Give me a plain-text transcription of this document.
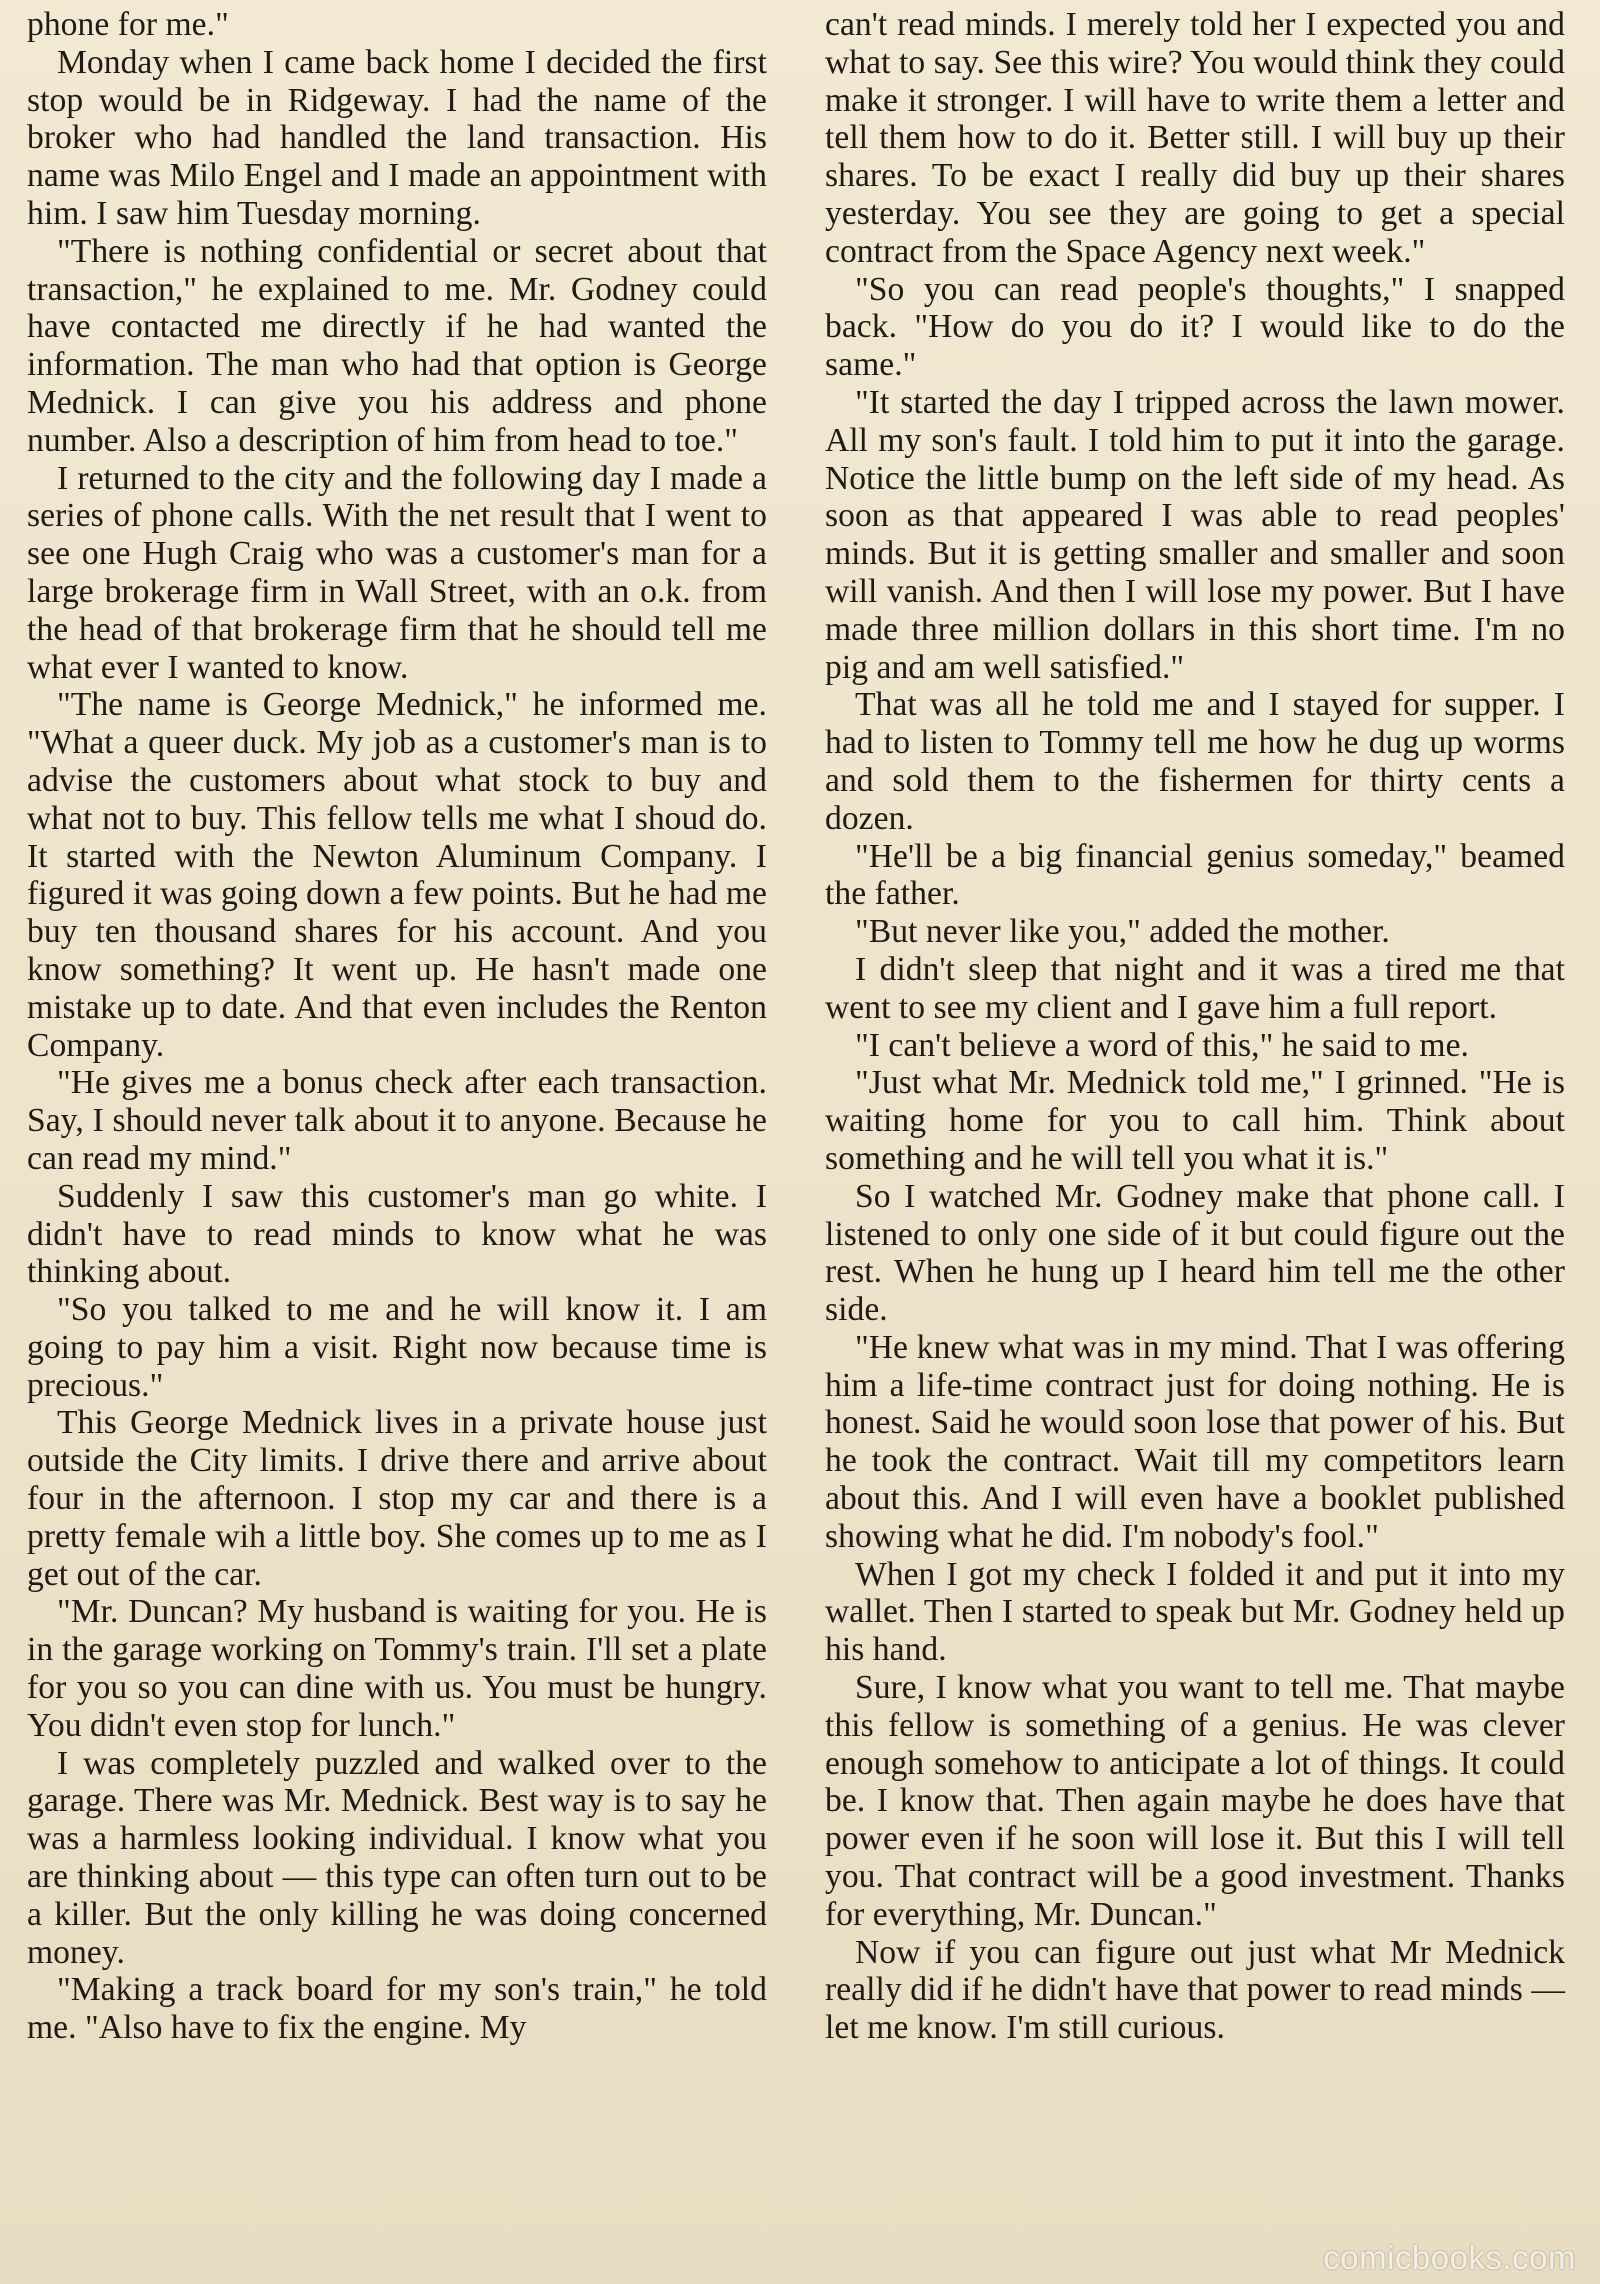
phone for me."

Monday when I came back home I decided the first stop would be in Ridgeway. I had the name of the broker who had handled the land transaction. His name was Milo Engel and I made an appointment with him. I saw him Tuesday morning.

"There is nothing confidential or secret about that transaction," he explained to me. Mr. Godney could have contacted me directly if he had wanted the information. The man who had that option is George Mednick. I can give you his address and phone number. Also a description of him from head to toe."

I returned to the city and the following day I made a series of phone calls. With the net result that I went to see one Hugh Craig who was a customer's man for a large brokerage firm in Wall Street, with an o.k. from the head of that brokerage firm that he should tell me what ever I wanted to know.

"The name is George Mednick," he informed me. "What a queer duck. My job as a customer's man is to advise the customers about what stock to buy and what not to buy. This fellow tells me what I shoud do. It started with the Newton Aluminum Company. I figured it was going down a few points. But he had me buy ten thousand shares for his account. And you know something? It went up. He hasn't made one mistake up to date. And that even includes the Renton Company.

"He gives me a bonus check after each transaction. Say, I should never talk about it to anyone. Because he can read my mind."

Suddenly I saw this customer's man go white. I didn't have to read minds to know what he was thinking about.

"So you talked to me and he will know it. I am going to pay him a visit. Right now because time is precious."

This George Mednick lives in a private house just outside the City limits. I drive there and arrive about four in the afternoon. I stop my car and there is a pretty female wih a little boy. She comes up to me as I get out of the car.

"Mr. Duncan? My husband is waiting for you. He is in the garage working on Tommy's train. I'll set a plate for you so you can dine with us. You must be hungry. You didn't even stop for lunch."

I was completely puzzled and walked over to the garage. There was Mr. Mednick. Best way is to say he was a harmless looking individual. I know what you are thinking about — this type can often turn out to be a killer. But the only killing he was doing concerned money.

"Making a track board for my son's train," he told me. "Also have to fix the engine. My

can't read minds. I merely told her I expected you and what to say. See this wire? You would think they could make it stronger. I will have to write them a letter and tell them how to do it. Better still. I will buy up their shares. To be exact I really did buy up their shares yesterday. You see they are going to get a special contract from the Space Agency next week."

"So you can read people's thoughts," I snapped back. "How do you do it? I would like to do the same."

"It started the day I tripped across the lawn mower. All my son's fault. I told him to put it into the garage. Notice the little bump on the left side of my head. As soon as that appeared I was able to read peoples' minds. But it is getting smaller and smaller and soon will vanish. And then I will lose my power. But I have made three million dollars in this short time. I'm no pig and am well satisfied."

That was all he told me and I stayed for supper. I had to listen to Tommy tell me how he dug up worms and sold them to the fishermen for thirty cents a dozen.

"He'll be a big financial genius someday," beamed the father.

"But never like you," added the mother.

I didn't sleep that night and it was a tired me that went to see my client and I gave him a full report.

"I can't believe a word of this," he said to me.

"Just what Mr. Mednick told me," I grinned. "He is waiting home for you to call him. Think about something and he will tell you what it is."

So I watched Mr. Godney make that phone call. I listened to only one side of it but could figure out the rest. When he hung up I heard him tell me the other side.

"He knew what was in my mind. That I was offering him a life-time contract just for doing nothing. He is honest. Said he would soon lose that power of his. But he took the contract. Wait till my competitors learn about this. And I will even have a booklet published showing what he did. I'm nobody's fool."

When I got my check I folded it and put it into my wallet. Then I started to speak but Mr. Godney held up his hand.

Sure, I know what you want to tell me. That maybe this fellow is something of a genius. He was clever enough somehow to anticipate a lot of things. It could be. I know that. Then again maybe he does have that power even if he soon will lose it. But this I will tell you. That contract will be a good investment. Thanks for everything, Mr. Duncan."

Now if you can figure out just what Mr Mednick really did if he didn't have that power to read minds — let me know. I'm still curious.

comicbooks.com
